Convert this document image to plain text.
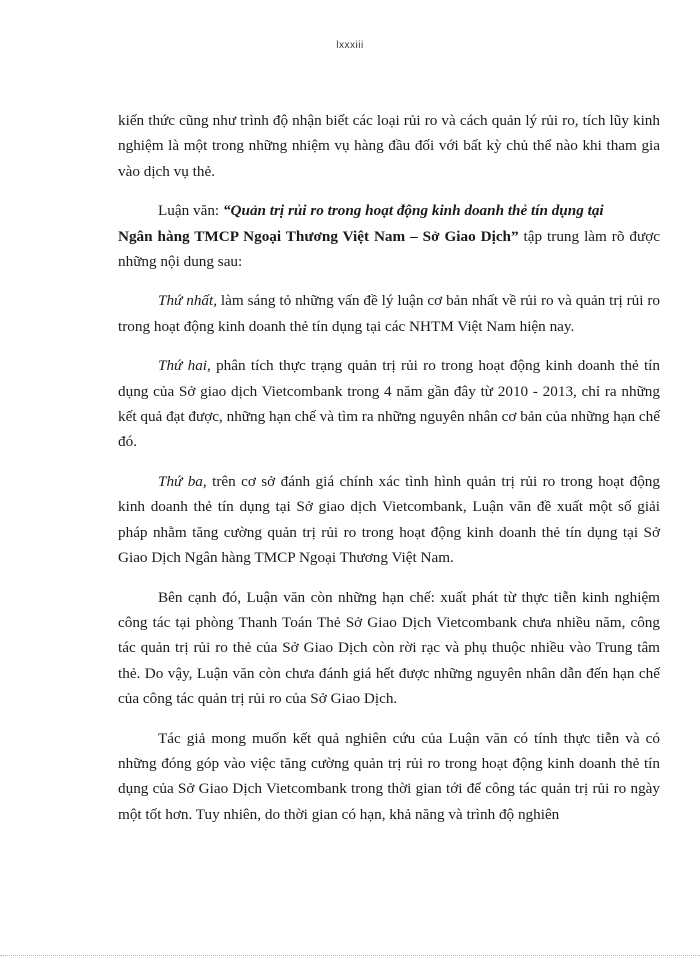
lxxxiii

kiến thức cũng như trình độ nhận biết các loại rủi ro và cách quản lý rủi ro, tích lũy kinh nghiệm là một trong những nhiệm vụ hàng đầu đối với bất kỳ chủ thể nào khi tham gia vào dịch vụ thẻ.

Luận văn: “Quản trị rủi ro trong hoạt động kinh doanh thẻ tín dụng tại
Ngân hàng TMCP Ngoại Thương Việt Nam – Sở Giao Dịch” tập trung làm rõ được những nội dung sau:

Thứ nhất, làm sáng tỏ những vấn đề lý luận cơ bản nhất về rủi ro và quản trị rủi ro trong hoạt động kinh doanh thẻ tín dụng tại các NHTM Việt Nam hiện nay.

Thứ hai, phân tích thực trạng quản trị rủi ro trong hoạt động kinh doanh thẻ tín dụng của Sở giao dịch Vietcombank trong 4 năm gần đây từ 2010 - 2013, chỉ ra những kết quả đạt được, những hạn chế và tìm ra những nguyên nhân cơ bản của những hạn chế đó.

Thứ ba, trên cơ sở đánh giá chính xác tình hình quản trị rủi ro trong hoạt động kinh doanh thẻ tín dụng tại Sở giao dịch Vietcombank, Luận văn đề xuất một số giải pháp nhằm tăng cường quản trị rủi ro trong hoạt động kinh doanh thẻ tín dụng tại Sở Giao Dịch Ngân hàng TMCP Ngoại Thương Việt Nam.

Bên cạnh đó, Luận văn còn những hạn chế: xuất phát từ thực tiễn kinh nghiệm công tác tại phòng Thanh Toán Thẻ Sở Giao Dịch Vietcombank chưa nhiều năm, công tác quản trị rủi ro thẻ của Sở Giao Dịch còn rời rạc và phụ thuộc nhiều vào Trung tâm thẻ. Do vậy, Luận văn còn chưa đánh giá hết được những nguyên nhân dẫn đến hạn chế của công tác quản trị rủi ro của Sở Giao Dịch.

Tác giả mong muốn kết quả nghiên cứu của Luận văn có tính thực tiễn và có những đóng góp vào việc tăng cường quản trị rủi ro trong hoạt động kinh doanh thẻ tín dụng của Sở Giao Dịch Vietcombank trong thời gian tới để công tác quản trị rủi ro ngày một tốt hơn. Tuy nhiên, do thời gian có hạn, khả năng và trình độ nghiên
